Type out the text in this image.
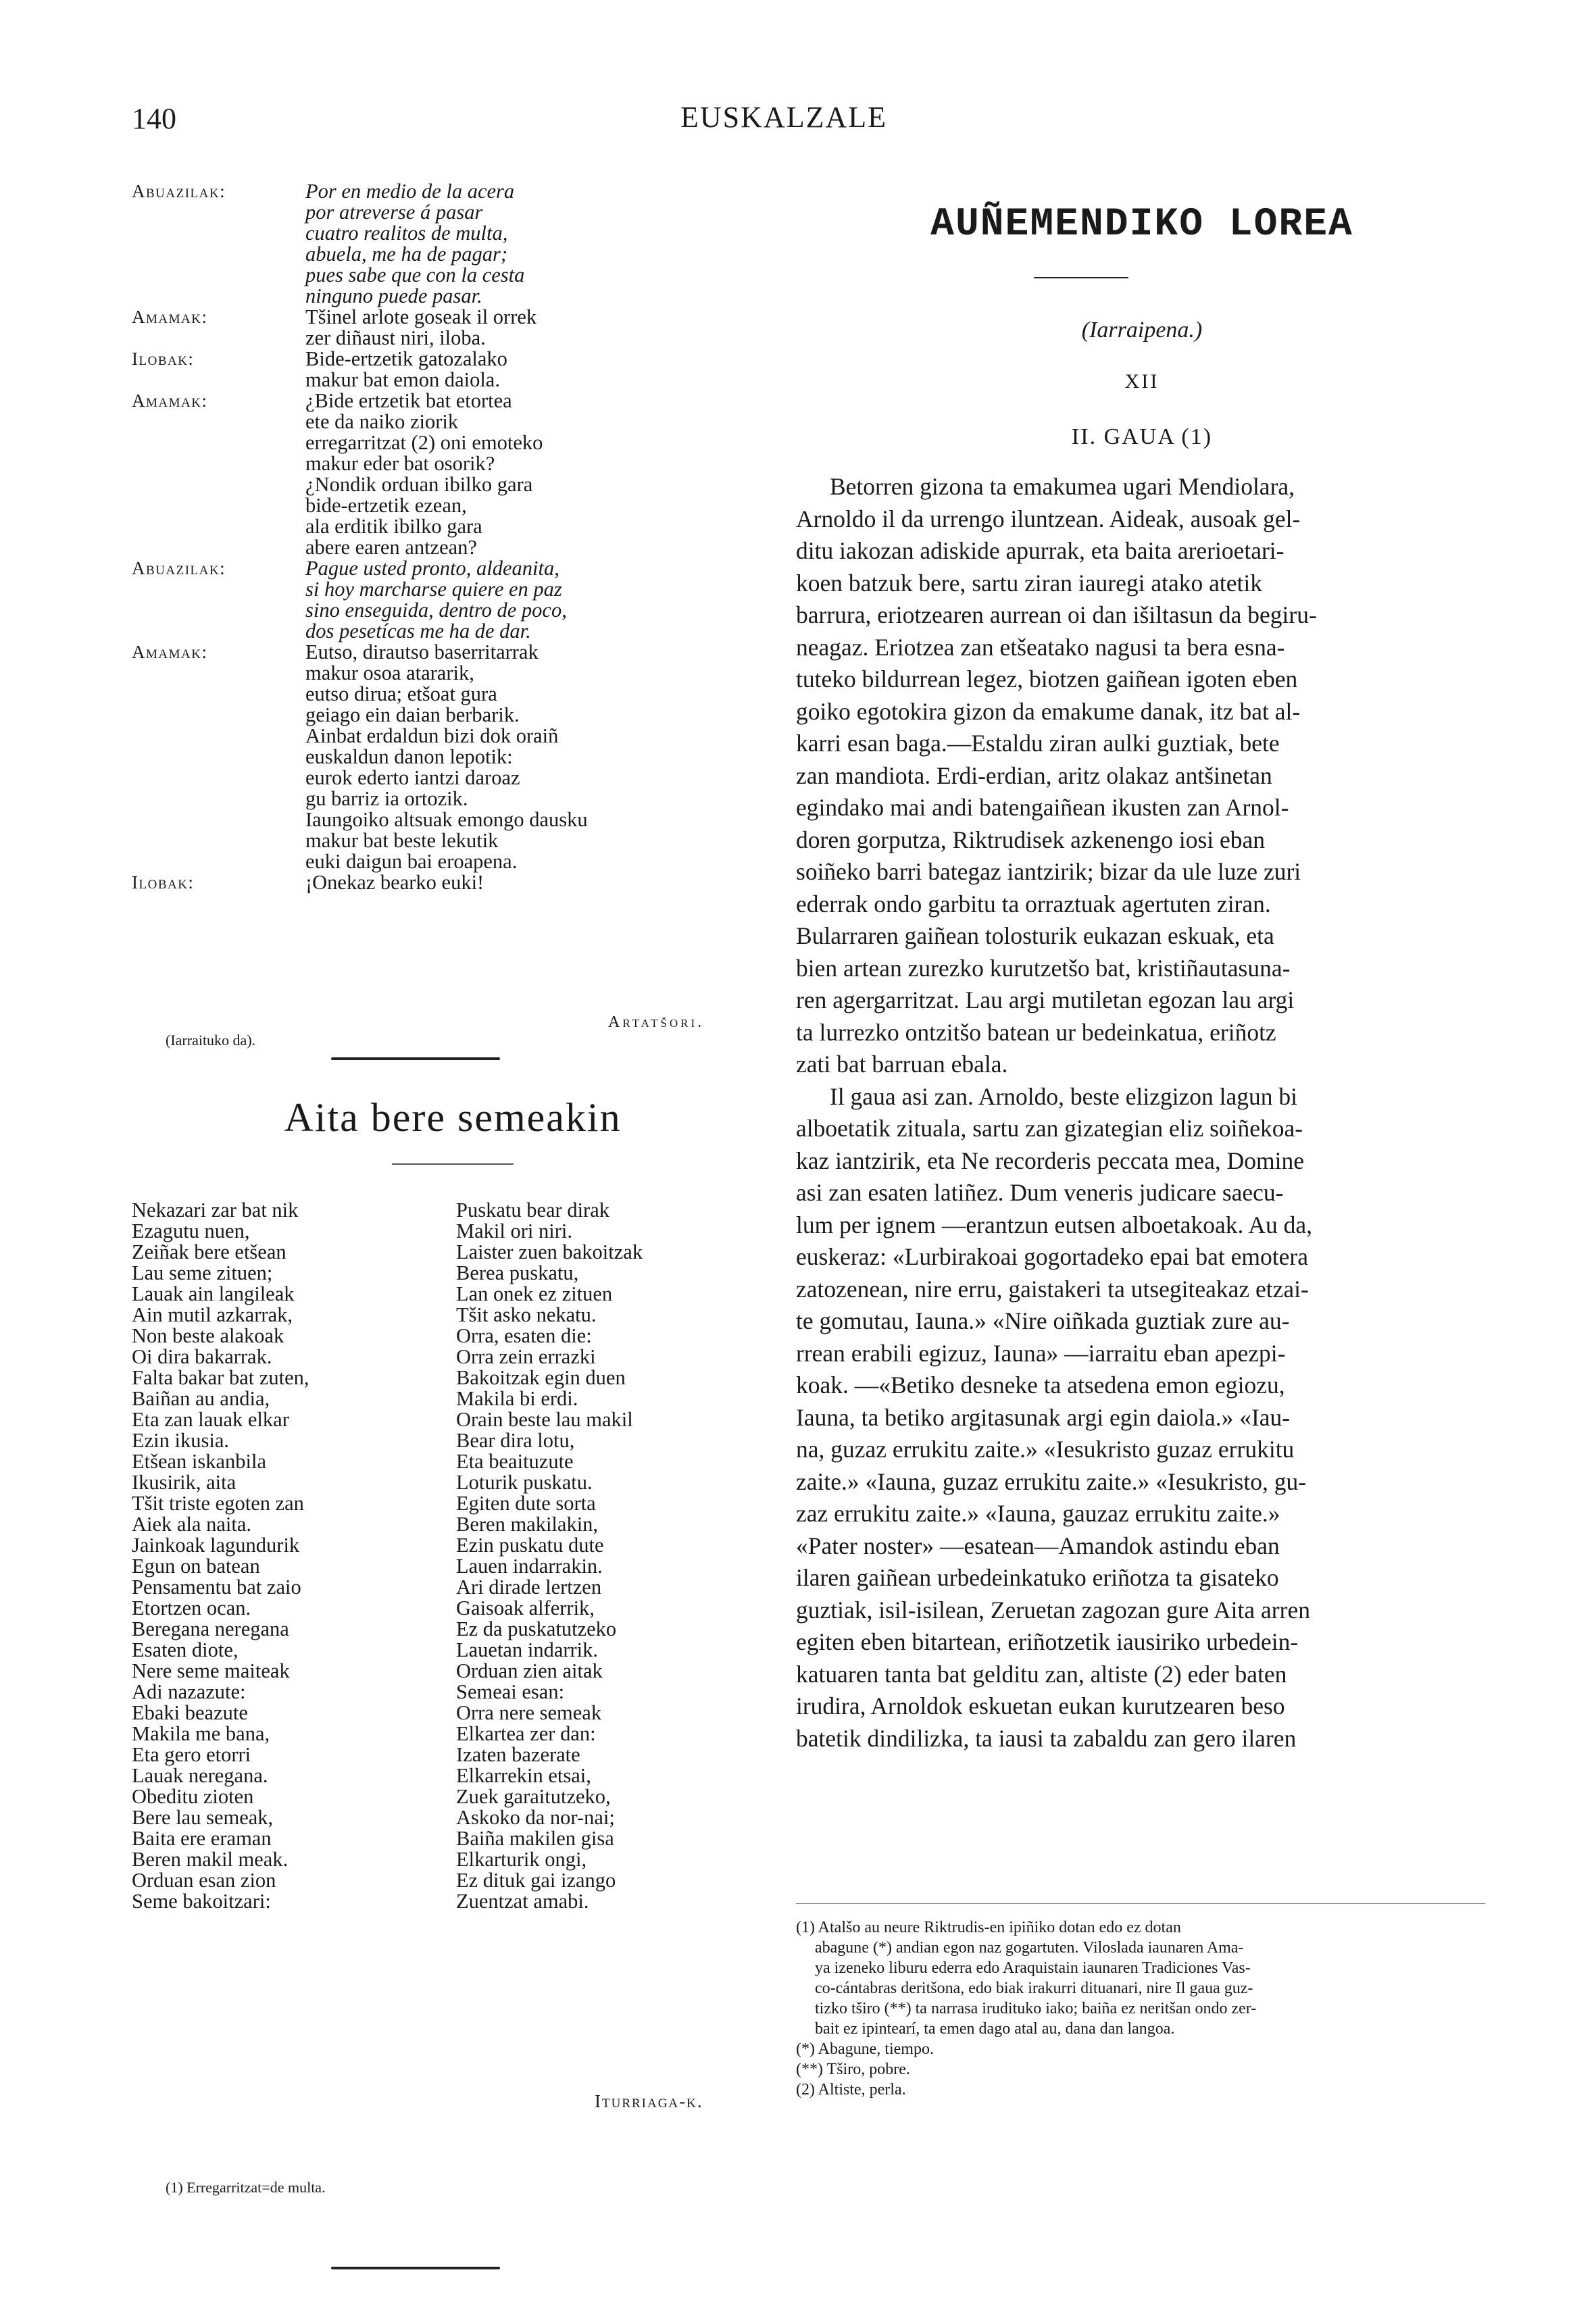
140	EUSKALZALE
Abuazilak:	Por en medio de la acera
por atreverse á pasar
cuatro realitos de multa,
abuela, me ha de pagar;
pues sabe que con la cesta
ninguno puede pasar.
Amamak:	Tšinel arlote goseak il orrek
zer diñaust niri, iloba.
Ilobak:	Bide-ertzetik gatozalako
makur bat emon daiola.
Amamak:	¿Bide ertzetik bat etortea
ete da naiko ziorik
erregarritzat (2) oni emoteko
makur eder bat osorik?
¿Nondik orduan ibilko gara
bide-ertzetik ezean,
ala erditik ibilko gara
abere earen antzean?
Abuazilak:	Pague usted pronto, aldeanita,
si hoy marcharse quiere en paz
sino enseguida, dentro de poco,
dos pesetícas me ha de dar.
Amamak:	Eutso, dirautso baserritarrak
makur osoa atararik,
eutso dirua; etšoat gura
geiago ein daian berbarik.
Ainbat erdaldun bizi dok oraiñ
euskaldun danon lepotik:
eurok ederto iantzi daroaz
gu barriz ia ortozik.
Iaungoiko altsuak emongo dausku
makur bat beste lekutik
euki daigun bai eroapena.
Ilobak:	¡Onekaz bearko euki!
(Iarraituko da).
Artatšori.
Aita bere semeakin
Nekazari zar bat nik
Ezagutu nuen,
Zeiñak bere etšean
Lau seme zituen;
Lauak ain langileak
Ain mutil azkarrak,
Non beste alakoak
Oi dira bakarrak.
Falta bakar bat zuten,
Baiñan au andia,
Eta zan lauak elkar
Ezin ikusia.
Etšean iskanbila
Ikusirik, aita
Tšit triste egoten zan
Aiek ala naita.
Jainkoak lagundurik
Egun on batean
Pensamentu bat zaio
Etortzen ocan.
Beregana neregana
Esaten diote,
Nere seme maiteak
Adi nazazute:
Ebaki beazute
Makila me bana,
Eta gero etorri
Lauak neregana.
Obeditu zioten
Bere lau semeak,
Baita ere eraman
Beren makil meak.
Orduan esan zion
Seme bakoitzari:
Puskatu bear dirak
Makil ori niri.
Laister zuen bakoitzak
Berea puskatu,
Lan onek ez zituen
Tšit asko nekatu.
Orra, esaten die:
Orra zein errazki
Bakoitzak egin duen
Makila bi erdi.
Orain beste lau makil
Bear dira lotu,
Eta beaituzute
Loturik puskatu.
Egiten dute sorta
Beren makilakin,
Ezin puskatu dute
Lauen indarrakin.
Ari dirade lertzen
Gaisoak alferrik,
Ez da puskatutzeko
Lauetan indarrik.
Orduan zien aitak
Semeai esan:
Orra nere semeak
Elkartea zer dan:
Izaten bazerate
Elkarrekin etsai,
Zuek garaitutzeko,
Askoko da nor-nai;
Baiña makilen gisa
Elkarturik ongi,
Ez dituk gai izango
Zuentzat amabi.
Iturriaga-k.
(1) Erregarritzat=de multa.
AUÑEMENDIKO LOREA
(Iarraipena.)
XII
II. GAUA (1)
Betorren gizona ta emakumea ugari Mendiolara,
Arnoldo il da urrengo iluntzean. Aideak, ausoak gel-
ditu iakozan adiskide apurrak, eta baita arerioetari-
koen batzuk bere, sartu ziran iauregi atako atetik
barrura, eriotzearen aurrean oi dan išiltasun da begiru-
neagaz. Eriotzea zan etšeatako nagusi ta bera esna-
tuteko bildurrean legez, biotzen gaiñean igoten eben
goiko egotokira gizon da emakume danak, itz bat al-
karri esan baga.—Estaldu ziran aulki guztiak, bete
zan mandiota. Erdi-erdian, aritz olakaz antšinetan
egindako mai andi batengaiñean ikusten zan Arnol-
doren gorputza, Riktrudisek azkenengo iosi eban
soiñeko barri bategaz iantzirik; bizar da ule luze zuri
ederrak ondo garbitu ta orraztuak agertuten ziran.
Bularraren gaiñean tolosturik eukazan eskuak, eta
bien artean zurezko kurutzetšo bat, kristiñautasuna-
ren agergarritzat. Lau argi mutiletan egozan lau argi
ta lurrezko ontzitšo batean ur bedeinkatua, eriñotz
zati bat barruan ebala.
Il gaua asi zan. Arnoldo, beste elizgizon lagun bi
alboetatik zituala, sartu zan gizategian eliz soiñekoa-
kaz iantzirik, eta Ne recorderis peccata mea, Domine
asi zan esaten latiñez. Dum veneris judicare saecu-
lum per ignem —erantzun eutsen alboetakoak. Au da,
euskeraz: «Lurbirakoai gogortadeko epai bat emotera
zatozenean, nire erru, gaistakeri ta utsegiteakaz etzai-
te gomutau, Iauna.» «Nire oiñkada guztiak zure au-
rrean erabili egizuz, Iauna» —iarraitu eban apezpi-
koak. —«Betiko desneke ta atsedena emon egiozu,
Iauna, ta betiko argitasunak argi egin daiola.» «Iau-
na, guzaz errukitu zaite.» «Iesukristo guzaz errukitu
zaite.» «Iauna, guzaz errukitu zaite.» «Iesukristo, gu-
zaz errukitu zaite.» «Iauna, gauzaz errukitu zaite.»
«Pater noster» —esatean—Amandok astindu eban
ilaren gaiñean urbedeinkatuko eriñotza ta gisateko
guztiak, isil-isilean, Zeruetan zagozan gure Aita arren
egiten eben bitartean, eriñotzetik iausiriko urbedein-
katuaren tanta bat gelditu zan, altiste (2) eder baten
irudira, Arnoldok eskuetan eukan kurutzearen beso
batetik dindilizka, ta iausi ta zabaldu zan gero ilaren
(1) Atalšo au neure Riktrudis-en ipiñiko dotan edo ez dotan
abagune (*) andian egon naz gogartuten. Viloslada iaunaren Ama-
ya izeneko liburu ederra edo Araquistain iaunaren Tradiciones Vas-
co-cántabras deritšona, edo biak irakurri dituanari, nire Il gaua guz-
tizko tširo (**) ta narrasa irudituko iako; baiña ez neritšan ondo zer-
bait ez ipintearí, ta emen dago atal au, dana dan langoa.
(*) Abagune, tiempo.
(**) Tširo, pobre.
(2) Altiste, perla.
